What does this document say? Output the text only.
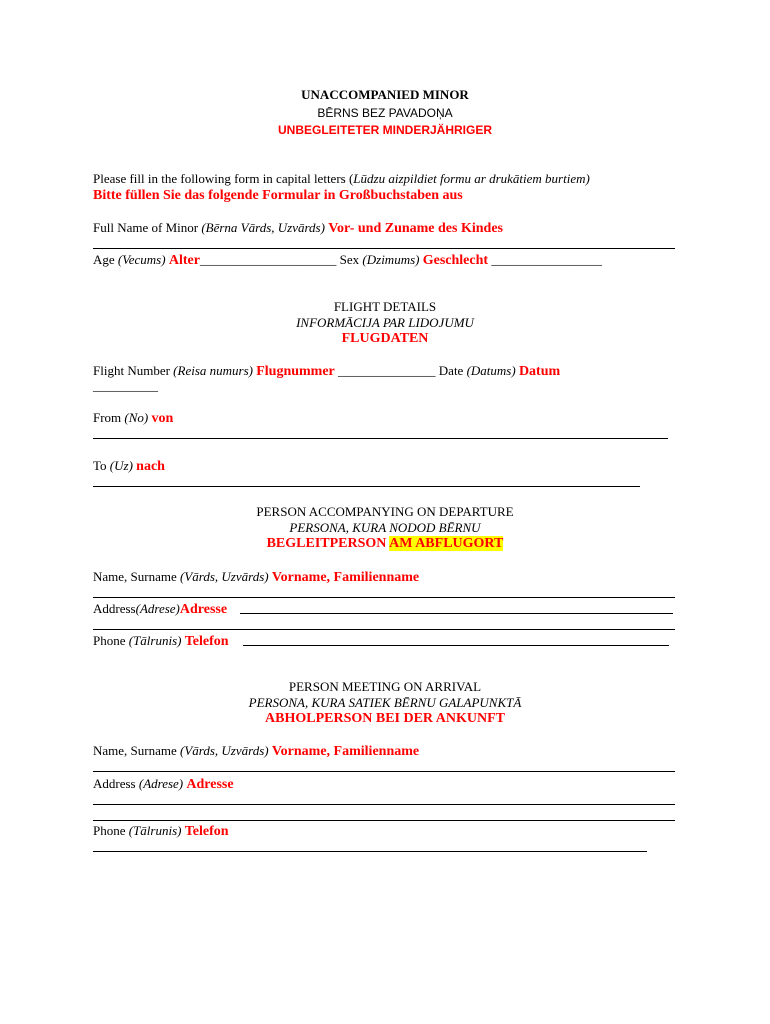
UNACCOMPANIED MINOR
BĒRNS BEZ PAVADOŅA
UNBEGLEITETER MINDERJÄHRIGER
Please fill in the following form in capital letters (Lūdzu aizpildiet formu ar drukātiem burtiem)
Bitte füllen Sie das folgende Formular in Großbuchstaben aus
Full Name of Minor (Bērna Vārds, Uzvārds) Vor- und Zuname des Kindes
Age (Vecums) Alter_____________________ Sex (Dzimums) Geschlecht _________________
FLIGHT DETAILS
INFORMĀCIJA PAR LIDOJUMU
FLUGDATEN
Flight Number (Reisa numurs) Flugnummer _______________ Date (Datums) Datum
__________
From (No) von
To (Uz) nach
PERSON ACCOMPANYING ON DEPARTURE
PERSONA, KURA NODOD BĒRNU
BEGLEITPERSON AM ABFLUGORT
Name, Surname (Vārds, Uzvārds) Vorname, Familienname
Address(Adrese)Adresse
Phone (Tālrunis) Telefon
PERSON MEETING ON ARRIVAL
PERSONA, KURA SATIEK BĒRNU GALAPUNKTĀ
ABHOLPERSON BEI DER ANKUNFT
Name, Surname (Vārds, Uzvārds) Vorname, Familienname
Address (Adrese) Adresse
Phone (Tālrunis) Telefon
